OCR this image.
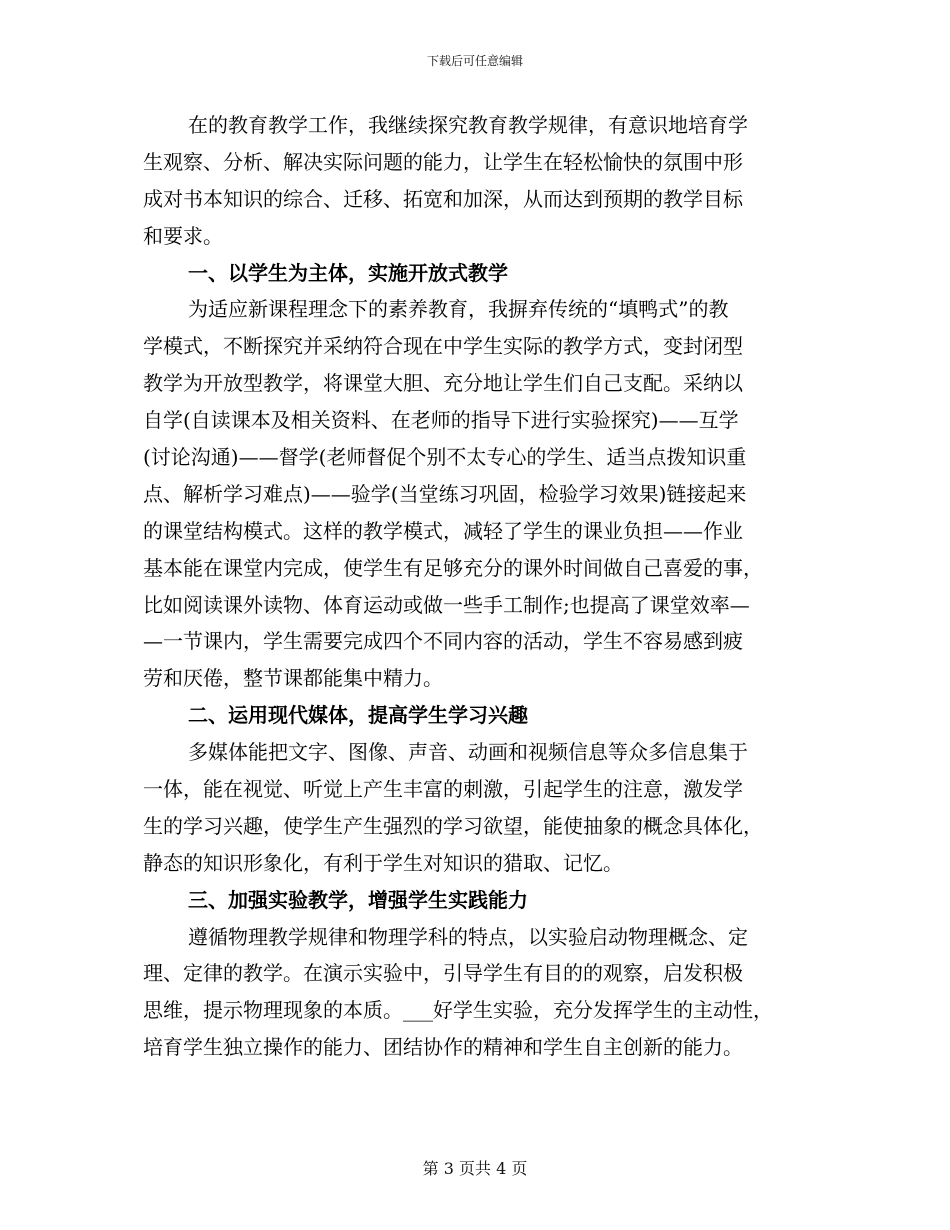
下载后可任意编辑
在的教育教学工作，我继续探究教育教学规律，有意识地培育学
生观察、分析、解决实际问题的能力，让学生在轻松愉快的氛围中形
成对书本知识的综合、迁移、拓宽和加深，从而达到预期的教学目标
和要求。
一、以学生为主体，实施开放式教学
为适应新课程理念下的素养教育，我摒弃传统的“填鸭式”的教
学模式，不断探究并采纳符合现在中学生实际的教学方式，变封闭型
教学为开放型教学，将课堂大胆、充分地让学生们自己支配。采纳以
自学(自读课本及相关资料、在老师的指导下进行实验探究)——互学
(讨论沟通)——督学(老师督促个别不太专心的学生、适当点拨知识重
点、解析学习难点)——验学(当堂练习巩固，检验学习效果)链接起来
的课堂结构模式。这样的教学模式，减轻了学生的课业负担——作业
基本能在课堂内完成，使学生有足够充分的课外时间做自己喜爱的事，
比如阅读课外读物、体育运动或做一些手工制作;也提高了课堂效率—
—一节课内，学生需要完成四个不同内容的活动，学生不容易感到疲
劳和厌倦，整节课都能集中精力。
二、运用现代媒体，提高学生学习兴趣
多媒体能把文字、图像、声音、动画和视频信息等众多信息集于
一体，能在视觉、听觉上产生丰富的刺激，引起学生的注意，激发学
生的学习兴趣，使学生产生强烈的学习欲望，能使抽象的概念具体化，
静态的知识形象化，有利于学生对知识的猎取、记忆。
三、加强实验教学，增强学生实践能力
遵循物理教学规律和物理学科的特点，以实验启动物理概念、定
理、定律的教学。在演示实验中，引导学生有目的的观察，启发积极
思维，提示物理现象的本质。___好学生实验，充分发挥学生的主动性，
培育学生独立操作的能力、团结协作的精神和学生自主创新的能力。
第 3 页共 4 页
